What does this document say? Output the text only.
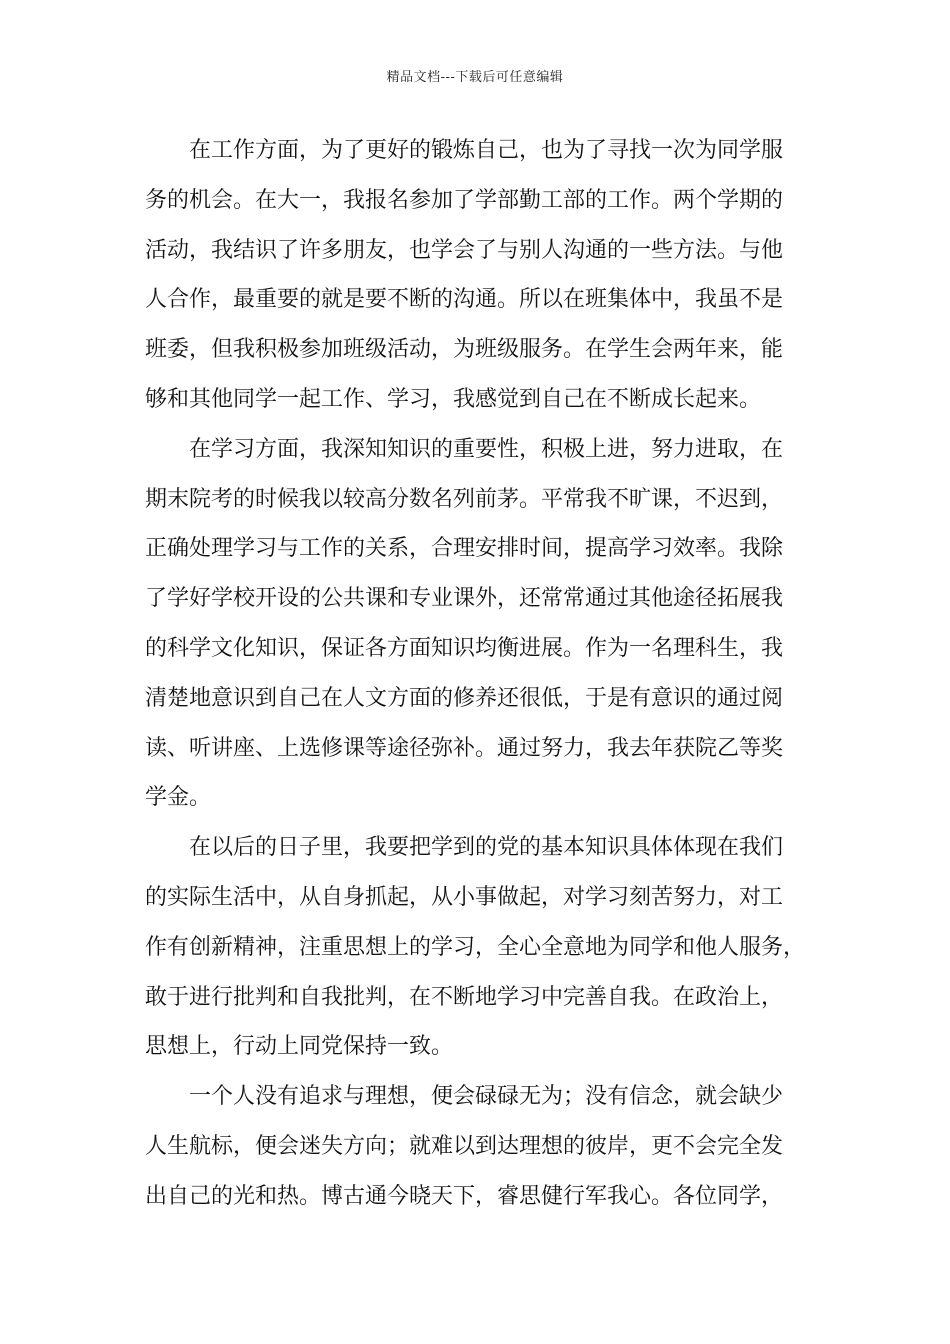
精品文档---下载后可任意编辑
在工作方面，为了更好的锻炼自己，也为了寻找一次为同学服
务的机会。在大一，我报名参加了学部勤工部的工作。两个学期的
活动，我结识了许多朋友，也学会了与别人沟通的一些方法。与他
人合作，最重要的就是要不断的沟通。所以在班集体中，我虽不是
班委，但我积极参加班级活动，为班级服务。在学生会两年来，能
够和其他同学一起工作、学习，我感觉到自己在不断成长起来。
在学习方面，我深知知识的重要性，积极上进，努力进取，在
期末院考的时候我以较高分数名列前茅。平常我不旷课，不迟到，
正确处理学习与工作的关系，合理安排时间，提高学习效率。我除
了学好学校开设的公共课和专业课外，还常常通过其他途径拓展我
的科学文化知识，保证各方面知识均衡进展。作为一名理科生，我
清楚地意识到自己在人文方面的修养还很低，于是有意识的通过阅
读、听讲座、上选修课等途径弥补。通过努力，我去年获院乙等奖
学金。
在以后的日子里，我要把学到的党的基本知识具体体现在我们
的实际生活中，从自身抓起，从小事做起，对学习刻苦努力，对工
作有创新精神，注重思想上的学习，全心全意地为同学和他人服务，
敢于进行批判和自我批判，在不断地学习中完善自我。在政治上，
思想上，行动上同党保持一致。
一个人没有追求与理想，便会碌碌无为；没有信念，就会缺少
人生航标，便会迷失方向；就难以到达理想的彼岸，更不会完全发
出自己的光和热。博古通今晓天下，睿思健行军我心。各位同学，
